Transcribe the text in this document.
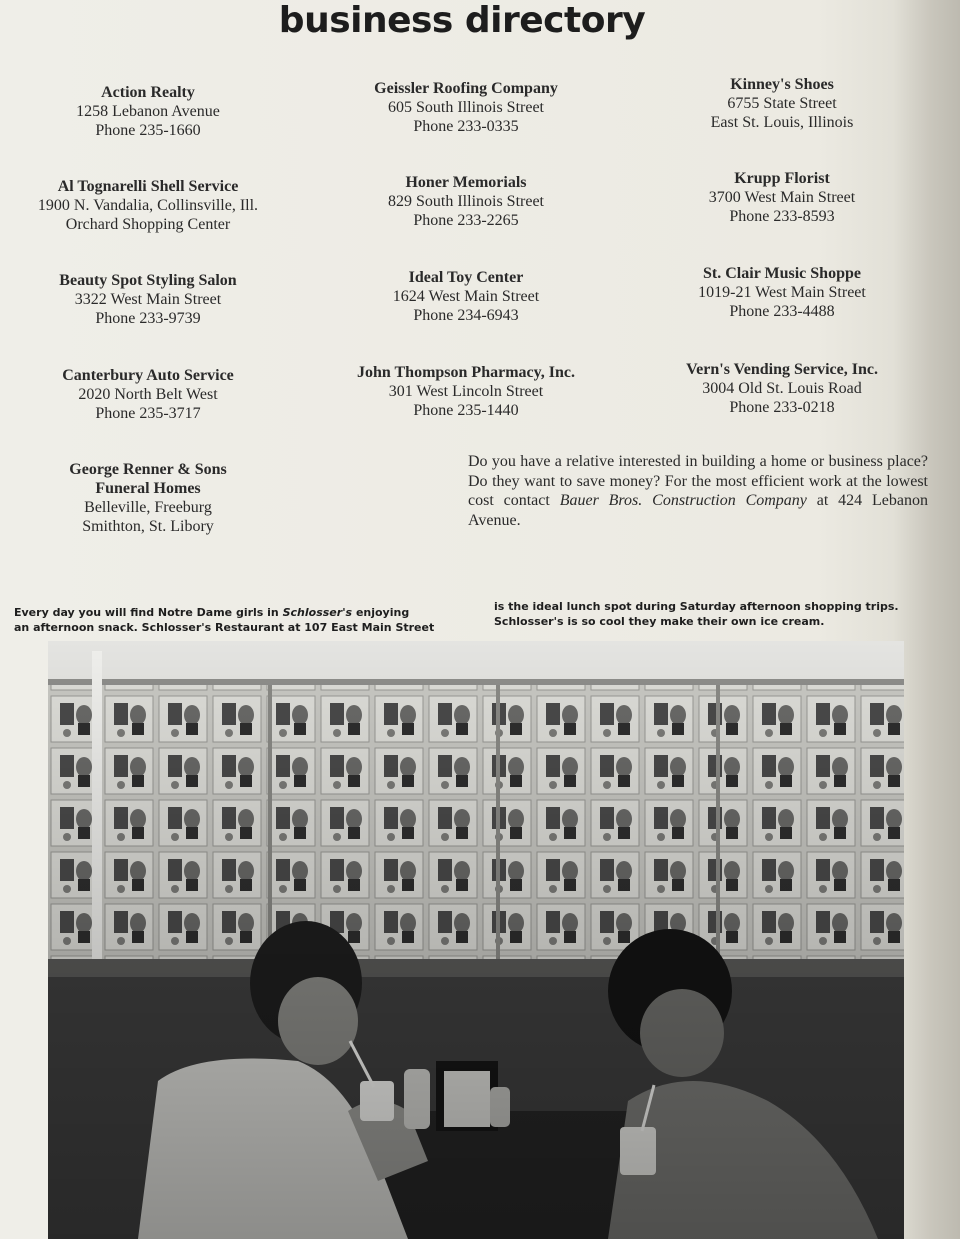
business directory
Action Realty
1258 Lebanon Avenue
Phone 235-1660
Al Tognarelli Shell Service
1900 N. Vandalia, Collinsville, Ill.
Orchard Shopping Center
Beauty Spot Styling Salon
3322 West Main Street
Phone 233-9739
Canterbury Auto Service
2020 North Belt West
Phone 235-3717
George Renner & Sons
Funeral Homes
Belleville, Freeburg
Smithton, St. Libory
Geissler Roofing Company
605 South Illinois Street
Phone 233-0335
Honer Memorials
829 South Illinois Street
Phone 233-2265
Ideal Toy Center
1624 West Main Street
Phone 234-6943
John Thompson Pharmacy, Inc.
301 West Lincoln Street
Phone 235-1440
Kinney's Shoes
6755 State Street
East St. Louis, Illinois
Krupp Florist
3700 West Main Street
Phone 233-8593
St. Clair Music Shoppe
1019-21 West Main Street
Phone 233-4488
Vern's Vending Service, Inc.
3004 Old St. Louis Road
Phone 233-0218
Do you have a relative interested in building a home or business place? Do they want to save money? For the most efficient work at the lowest cost contact Bauer Bros. Construction Company at 424 Lebanon Avenue.
Every day you will find Notre Dame girls in Schlosser's enjoying
an afternoon snack. Schlosser's Restaurant at 107 East Main Street
is the ideal lunch spot during Saturday afternoon shopping trips.
Schlosser's is so cool they make their own ice cream.
